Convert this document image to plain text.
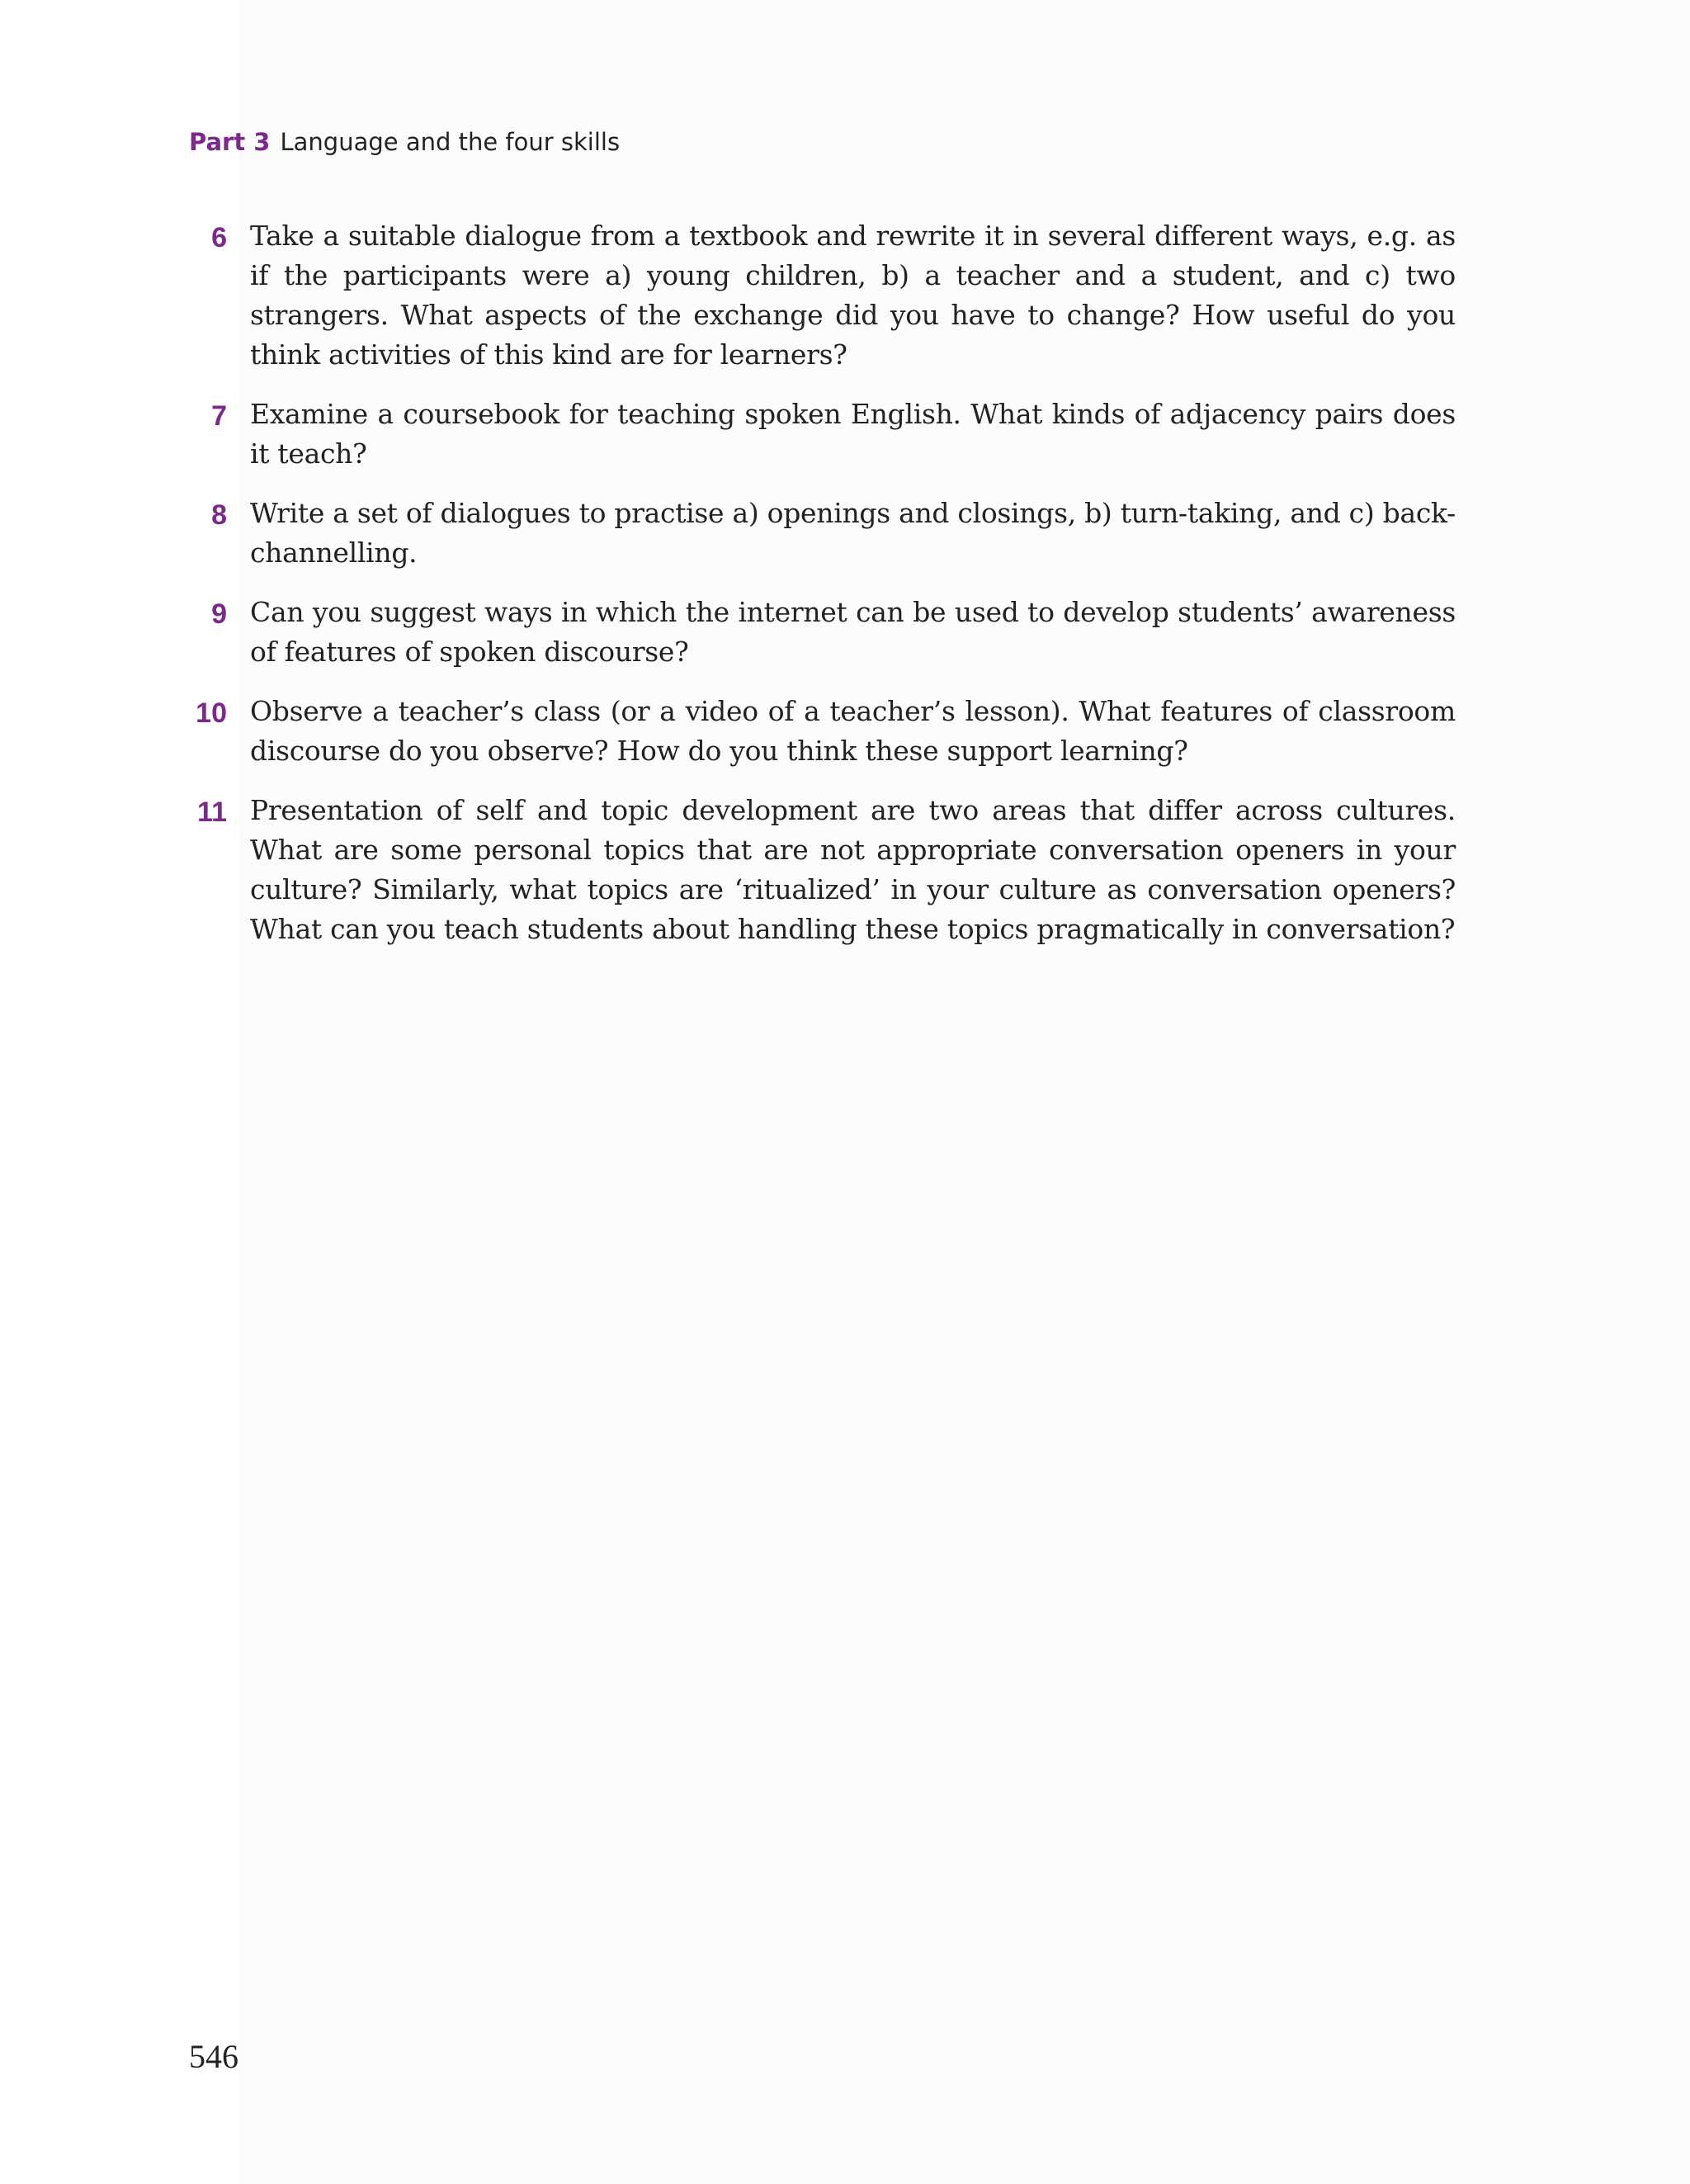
Part 3 Language and the four skills
6 Take a suitable dialogue from a textbook and rewrite it in several different ways, e.g. as if the participants were a) young children, b) a teacher and a student, and c) two strangers. What aspects of the exchange did you have to change? How useful do you think activities of this kind are for learners?
7 Examine a coursebook for teaching spoken English. What kinds of adjacency pairs does it teach?
8 Write a set of dialogues to practise a) openings and closings, b) turn-taking, and c) back-channelling.
9 Can you suggest ways in which the internet can be used to develop students’ awareness of features of spoken discourse?
10 Observe a teacher’s class (or a video of a teacher’s lesson). What features of classroom discourse do you observe? How do you think these support learning?
11 Presentation of self and topic development are two areas that differ across cultures. What are some personal topics that are not appropriate conversation openers in your culture? Similarly, what topics are ‘ritualized’ in your culture as conversation openers? What can you teach students about handling these topics pragmatically in conversation?
546
